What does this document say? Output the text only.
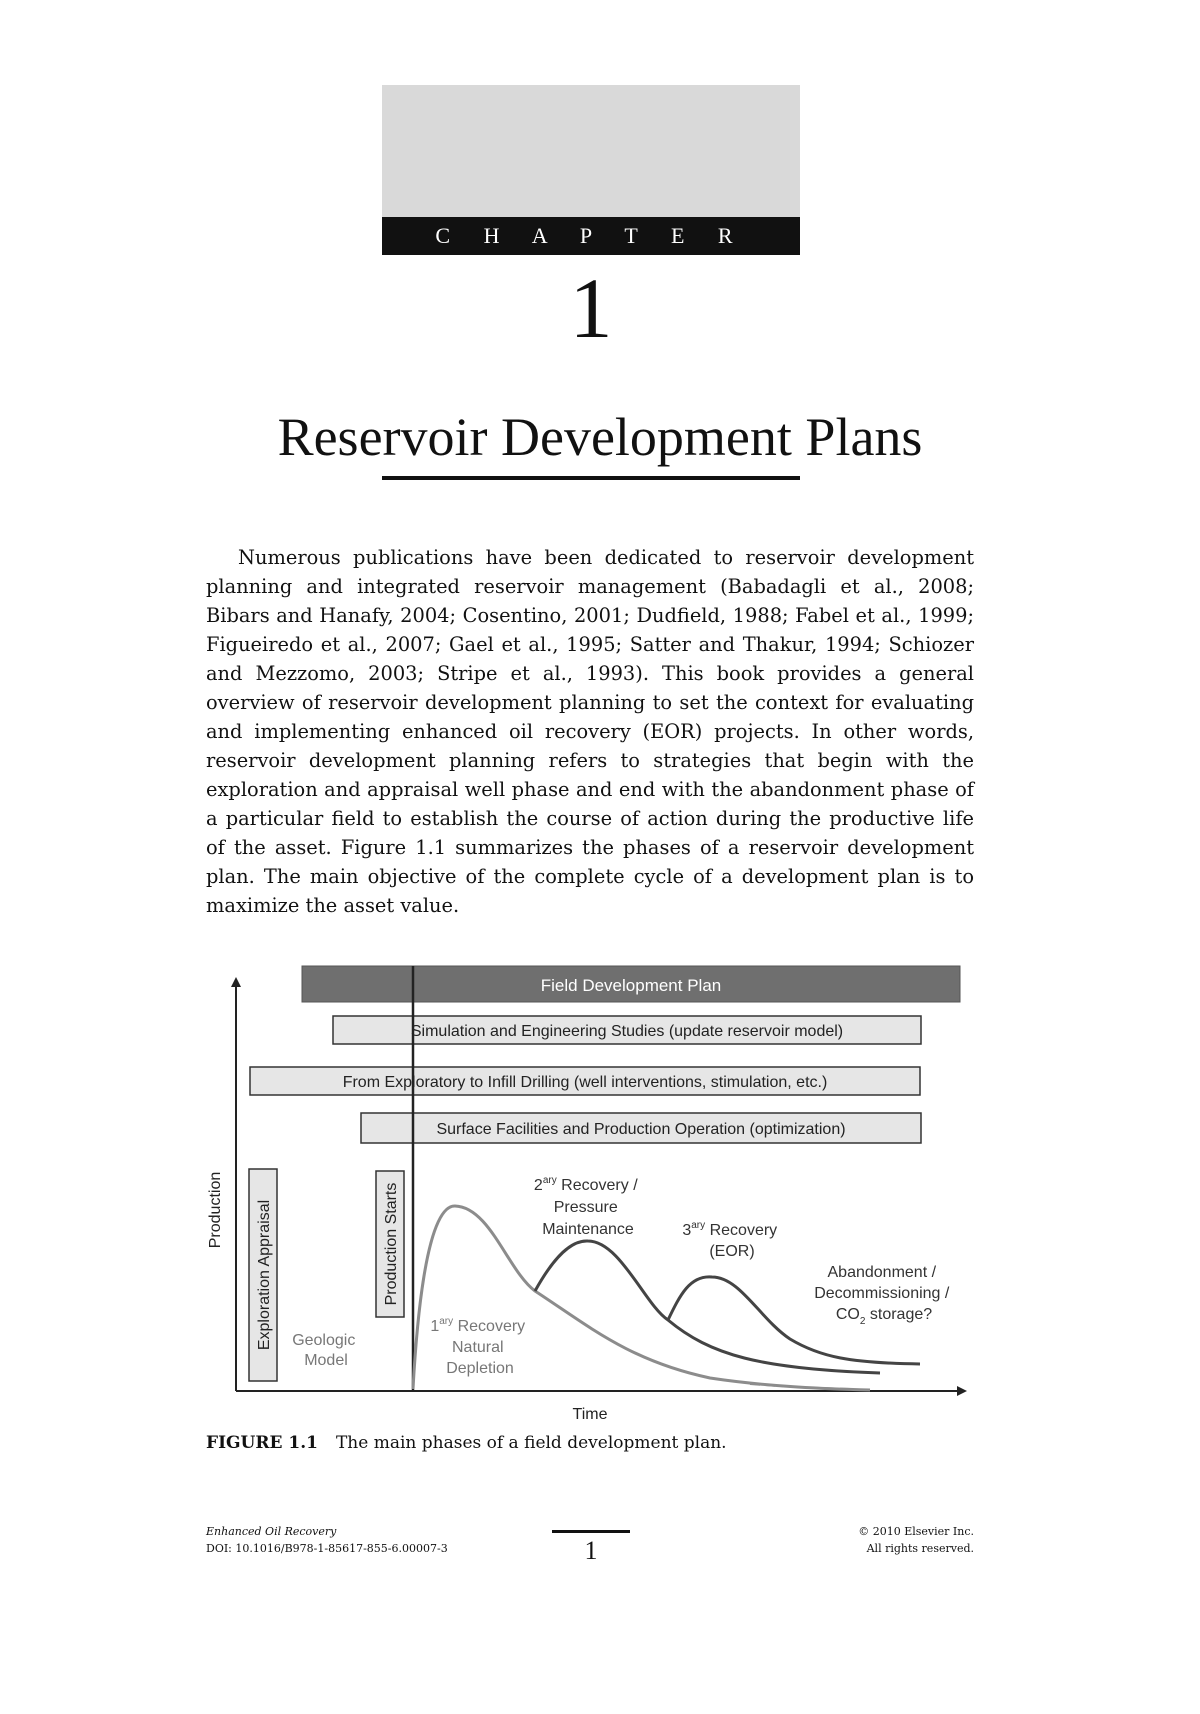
C H A P T E R
1
Reservoir Development Plans

Numerous publications have been dedicated to reservoir development planning and integrated reservoir management (Babadagli et al., 2008; Bibars and Hanafy, 2004; Cosentino, 2001; Dudfield, 1988; Fabel et al., 1999; Figueiredo et al., 2007; Gael et al., 1995; Satter and Thakur, 1994; Schiozer and Mezzomo, 2003; Stripe et al., 1993). This book provides a general overview of reservoir development planning to set the context for evaluating and implementing enhanced oil recovery (EOR) projects. In other words, reservoir development planning refers to strategies that begin with the exploration and appraisal well phase and end with the abandonment phase of a particular field to establish the course of action during the productive life of the asset. Figure 1.1 summarizes the phases of a reservoir development plan. The main objective of the complete cycle of a development plan is to maximize the asset value.

Field Development Plan
Simulation and Engineering Studies (update reservoir model)
From Exploratory to Infill Drilling (well interventions, stimulation, etc.)
Surface Facilities and Production Operation (optimization)
Exploration Appraisal	Production Starts
Production
Time
Geologic Model
$1^{ary}$ Recovery Natural Depletion
$2^{ary}$ Recovery / Pressure Maintenance	$3^{ary}$ Recovery (EOR)
Abandonment / Decommissioning / $CO_2$ storage?
FIGURE 1.1 The main phases of a field development plan.
Enhanced Oil Recovery
DOI: 10.1016/B978-1-85617-855-6.00007-3	1
© 2010 Elsevier Inc.
All rights reserved.
